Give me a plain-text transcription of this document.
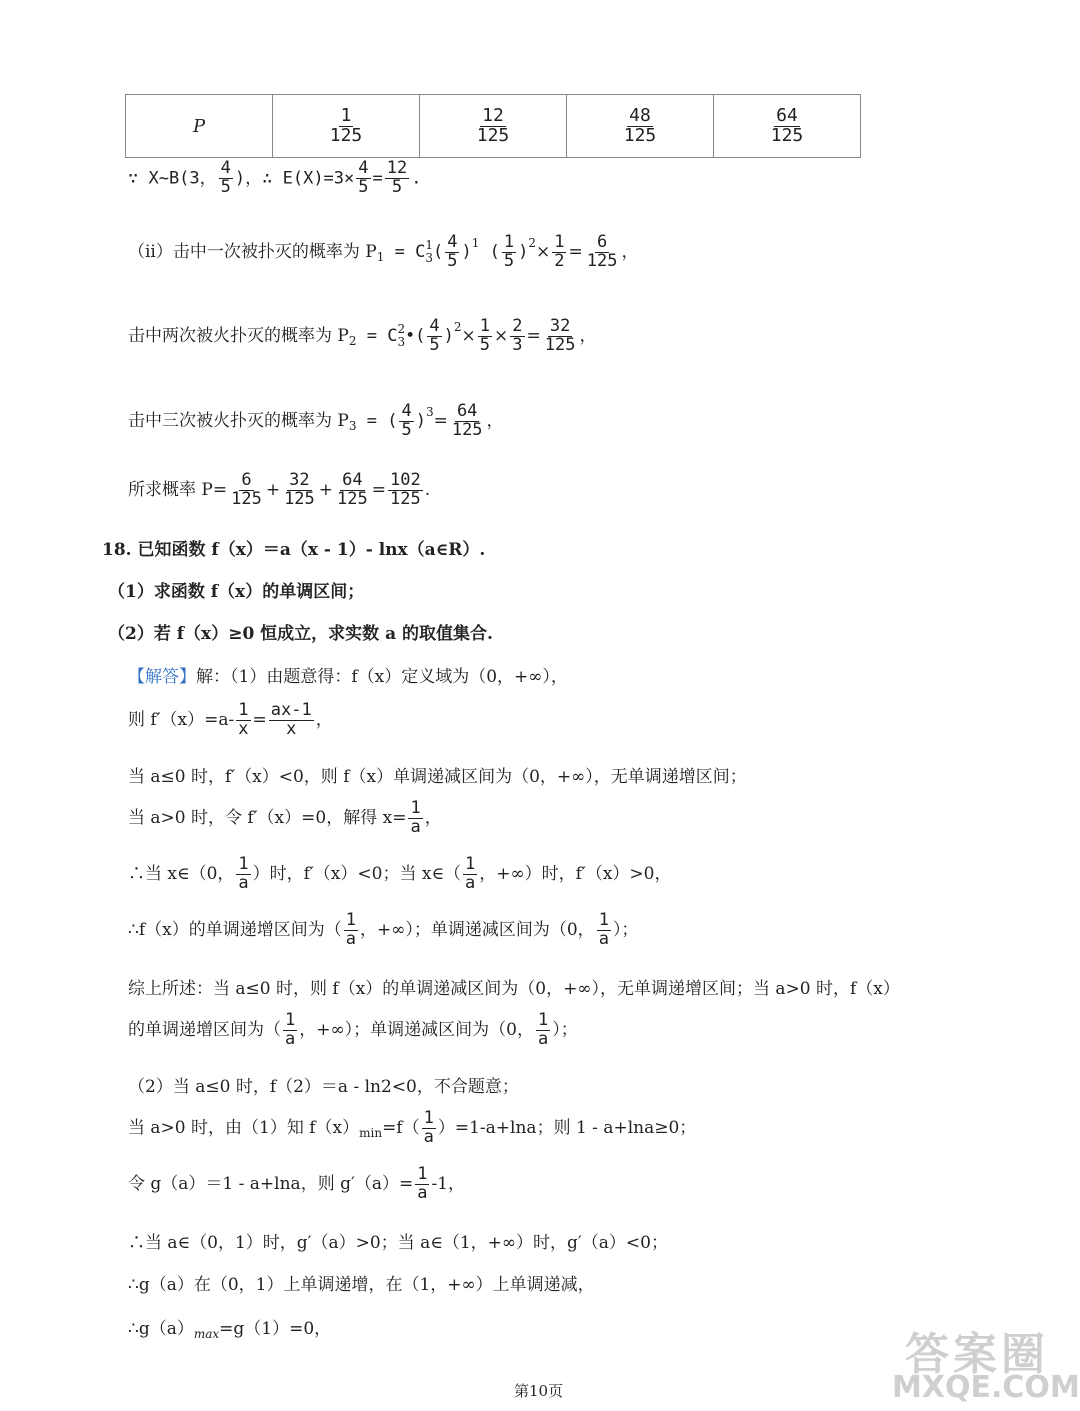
P	$\frac{1}{125}$	$\frac{12}{125}$	$\frac{48}{125}$	$\frac{64}{125}$
∵ X~B(3， $\frac{4}{5}$ )，∴ $E(X)=3\times \frac{4}{5} = \frac{12}{5}$ .
（ii）击中一次被扑灭的概率为 $P_1 = C$ 1
3 ( $\frac{4}{5} )^1$ ( $\frac{1}{5} )^2\times \frac{1}{2} = \frac{6}{125}$ ，
击中两次被火扑灭的概率为 $P_2 = C$ 2
3 •( $\frac{4}{5} )^2\times \frac{1}{5} \times \frac{2}{3} = \frac{32}{125}$ ，
击中三次被火扑灭的概率为 $P_3$ = ( $\frac{4}{5} )^3= \frac{64}{125}$ ，
所求概率 $P= \frac{6}{125} + \frac{32}{125} + \frac{64}{125} = \frac{102}{125}$ .
18. 已知函数 f（x）＝a（x - 1）- lnx（a∈R）.
（1）求函数 f（x）的单调区间；
（2）若 f（x）≥0 恒成立，求实数 a 的取值集合.
【解答】解：（1）由题意得：f（x）定义域为（0，+∞），
则 $f'(x)=a- \frac{1}{x} = \frac{ax-1}{x}$ ，
当 a≤0 时，f′（x）<0，则 f（x）单调递减区间为（0，+∞），无单调递增区间；
当 a>0 时，令 f′（x）=0，解得 $x= \frac{1}{a}$ ，
∴当 x∈（0， $\frac{1}{a}$ ）时，f′（x）<0；当 x∈（ $\frac{1}{a}$ ，+∞）时，f′（x）>0，
∴f（x）的单调递增区间为（ $\frac{1}{a}$ ，+∞）；单调递减区间为（0， $\frac{1}{a}$ ）；
综上所述：当 a≤0 时，则 f（x）的单调递减区间为（0，+∞），无单调递增区间；当 a>0 时，f（x）
的单调递增区间为（ $\frac{1}{a}$ ，+∞）；单调递减区间为（0， $\frac{1}{a}$ ）；
（2）当 a≤0 时，f（2）＝a - ln2<0，不合题意；
当 a>0 时，由（1）知 $f(x)_{min}=f( \frac{1}{a} )=1-a+\ln a$；则 1 - a+lna≥0；
令 g（a）＝1 - a+lna，则 $g'(a)= \frac{1}{a} -1$，
∴当 a∈（0，1）时，g′（a）>0；当 a∈（1，+∞）时，g′（a）<0；
∴g（a）在（0，1）上单调递增，在（1，+∞）上单调递减，
$\therefore g(a)_{max}=g(1)=0$，
第10页
答案圈
MXQE.COM
